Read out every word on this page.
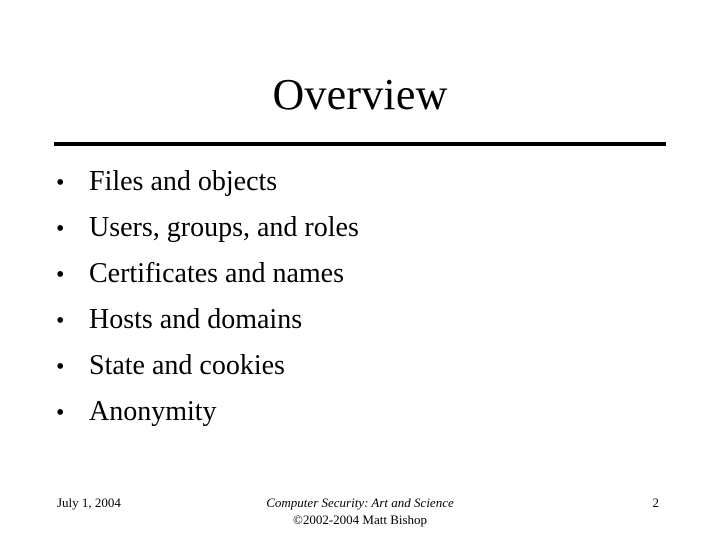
Overview
• Files and objects
• Users, groups, and roles
• Certificates and names
• Hosts and domains
• State and cookies
• Anonymity
July 1, 2004	Computer Security: Art and Science
©2002-2004 Matt Bishop
2
